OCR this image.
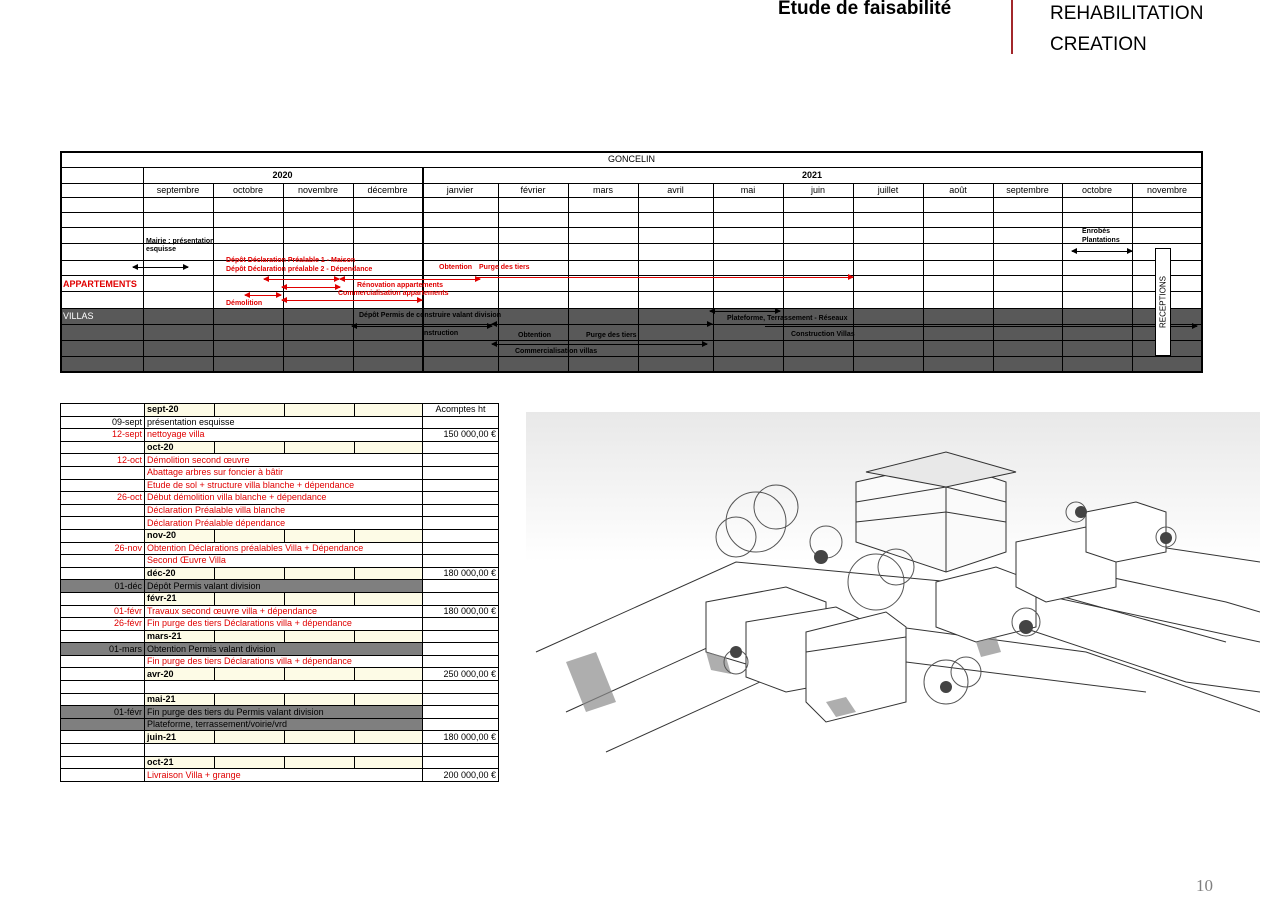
Etude de faisabilité	REHABILITATION
CREATION
GONCELIN
2020	2021
septembre	octobre	novembre	décembre	janvier	février	mars	avril	mai	juin	juillet	août	septembre	octobre	novembre
APPARTEMENTS
VILLAS
Mairie : présentation
esquisse
Dépôt Déclaration Préalable 1 - Maison
Dépôt Déclaration préalable 2 - Dépendance	Obtention Purge des tiers
Rénovation appartements
Commercialisation appartements
Démolition
Enrobés
Plantations
Dépôt Permis de construire valant division
Instruction	Obtention	Purge des tiers
Commercialisation villas
Plateforme, Terrassement - Réseaux
Construction Villas
RECEPTIONS
	sept-20				Acomptes ht
09-sept	présentation esquisse				
12-sept	nettoyage villa				150 000,00 €
	oct-20				
12-oct	Démolition second œuvre				
	Abattage arbres sur foncier à bâtir				
	Etude de sol + structure villa blanche + dépendance				
26-oct	Début démolition villa blanche + dépendance				
	Déclaration Préalable villa blanche				
	Déclaration Préalable dépendance				
	nov-20				
26-nov	Obtention Déclarations préalables Villa + Dépendance				
	Second Œuvre Villa				
	déc-20				180 000,00 €
01-déc	Dépôt Permis valant division				
	févr-21				
01-févr	Travaux second œuvre villa + dépendance				180 000,00 €
26-févr	Fin purge des tiers Déclarations villa + dépendance				
	mars-21				
01-mars	Obtention Permis valant division				
	Fin purge des tiers Déclarations villa + dépendance				
	avr-20				250 000,00 €

	mai-21				
01-févr	Fin purge des tiers du Permis valant division				
	Plateforme, terrassement/voirie/vrd				
	juin-21				180 000,00 €

	oct-21				
	Livraison Villa + grange				200 000,00 €
10
